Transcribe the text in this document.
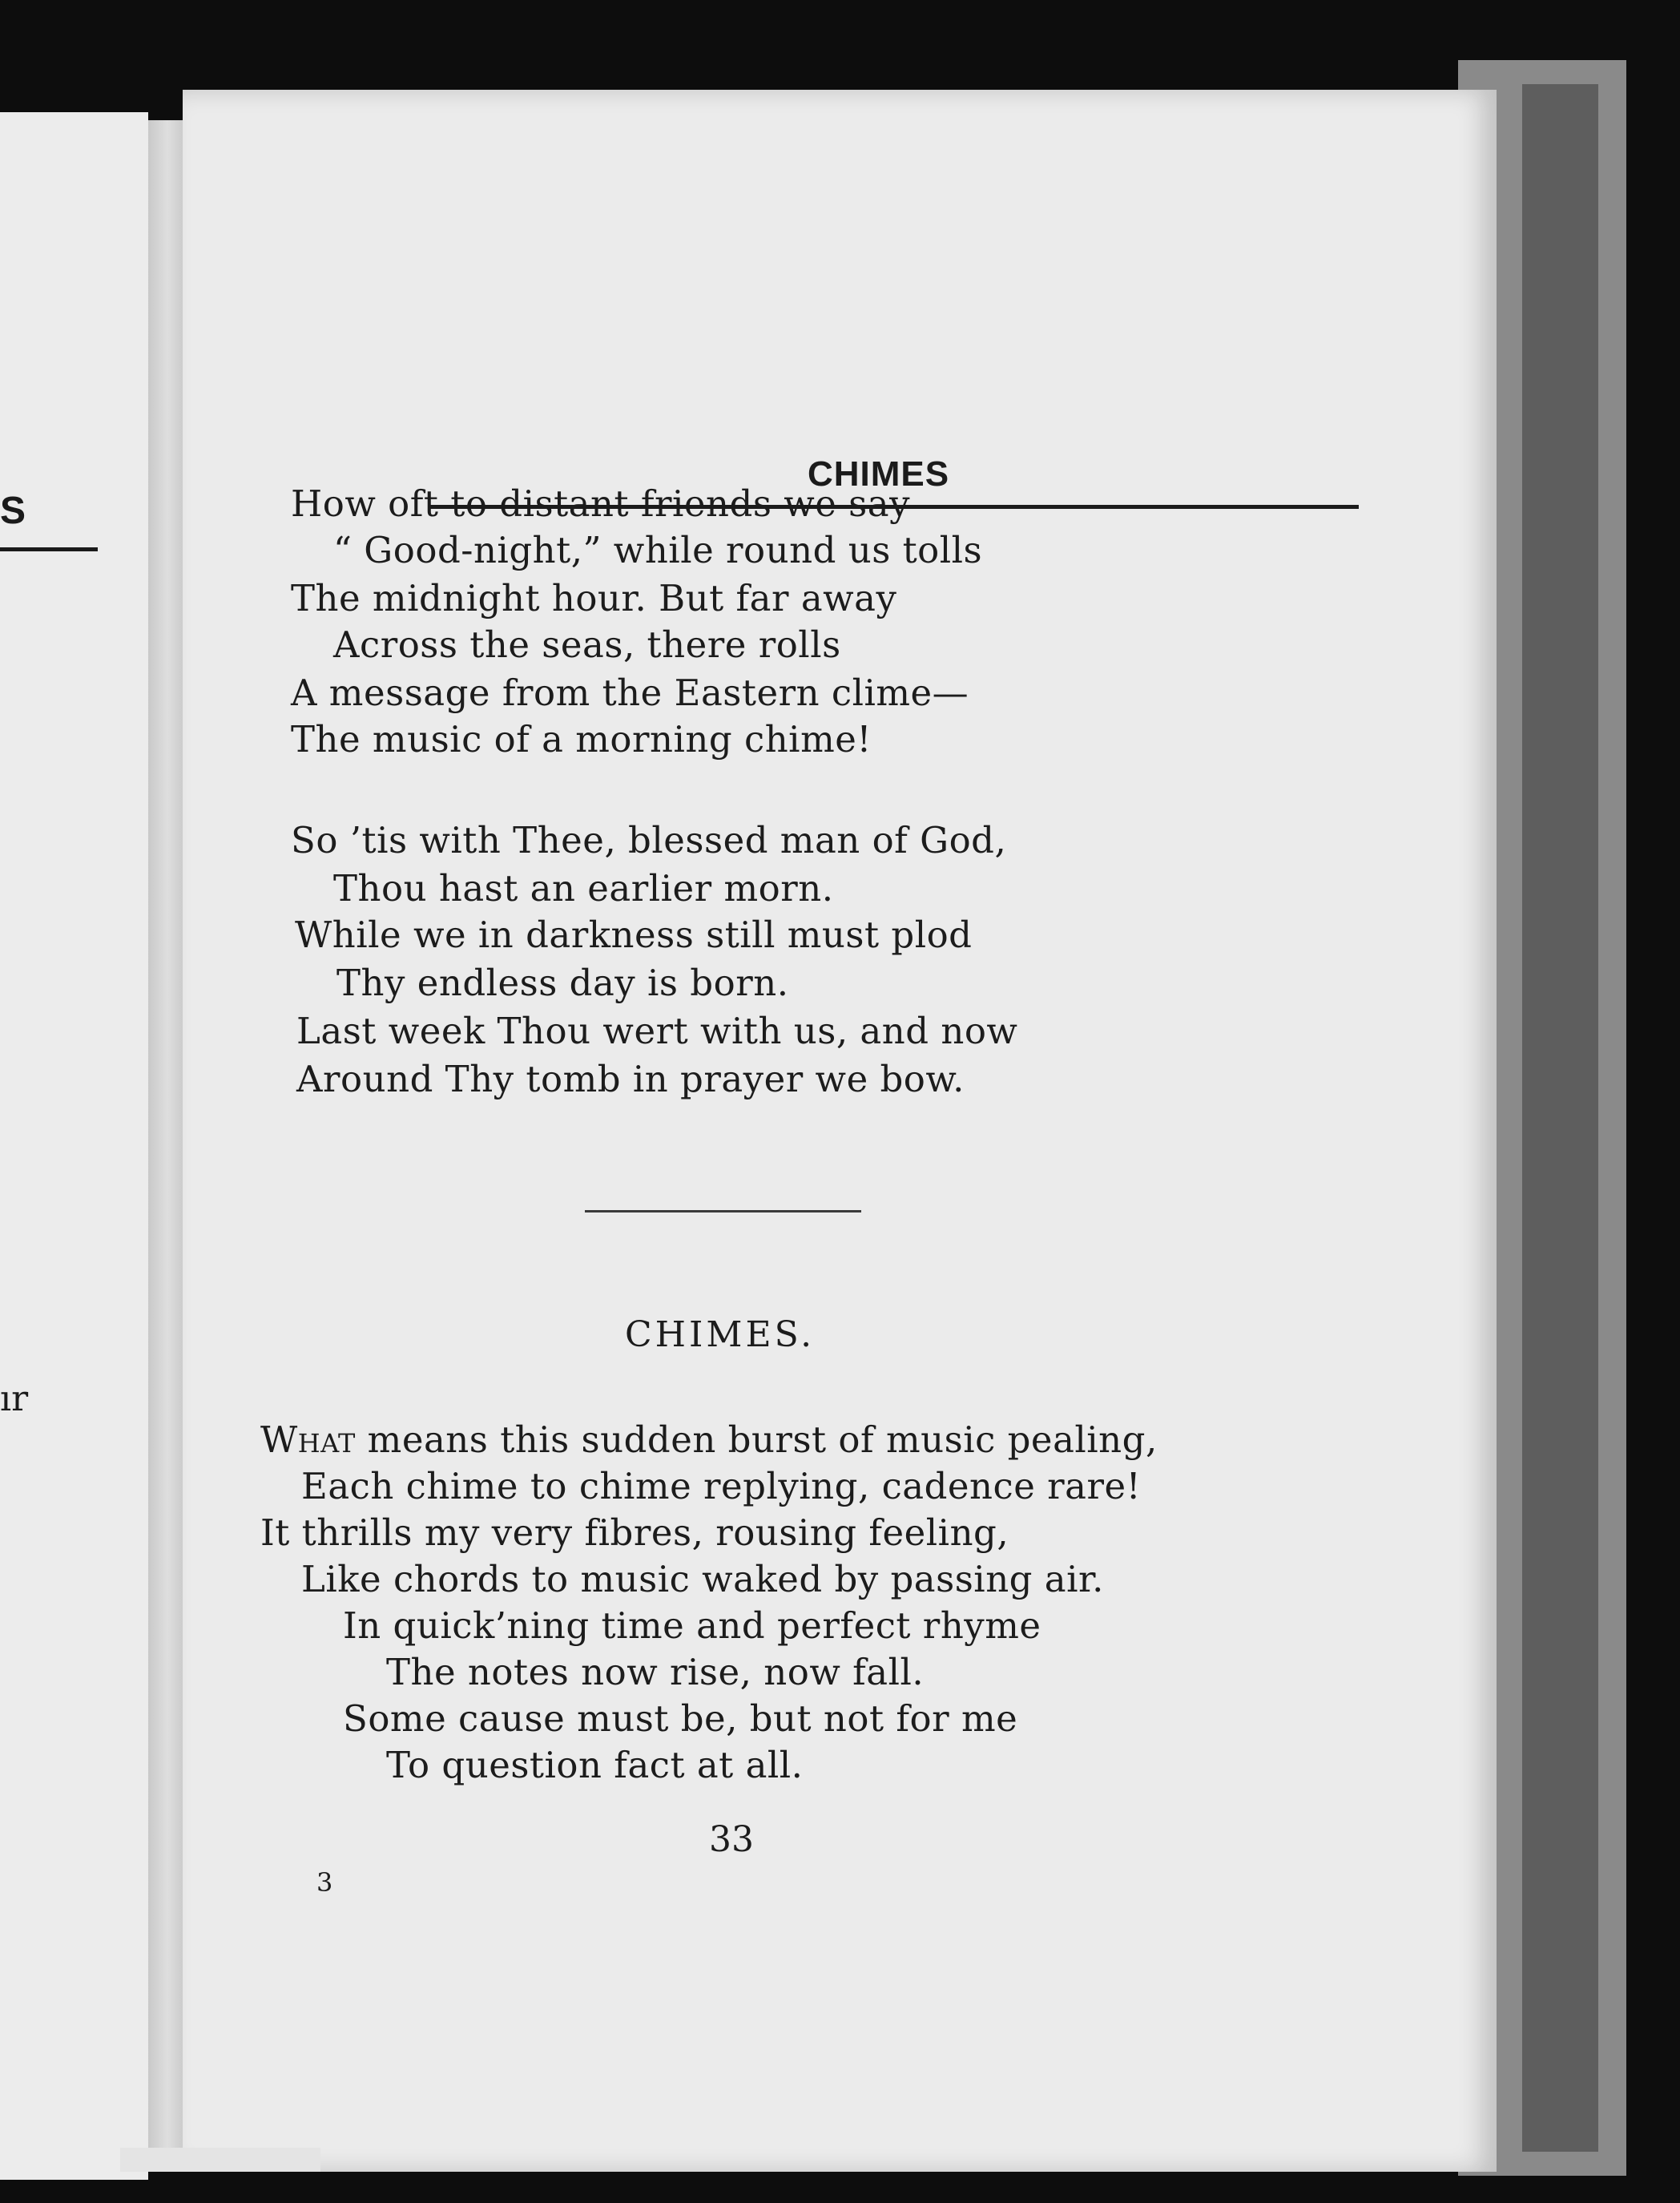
S
ır
CHIMES
How oft to distant friends we say
“ Good-night,” while round us tolls
The midnight hour. But far away
Across the seas, there rolls
A message from the Eastern clime—
The music of a morning chime!
So ’tis with Thee, blessed man of God,
Thou hast an earlier morn.
While we in darkness still must plod
Thy endless day is born.
Last week Thou wert with us, and now
Around Thy tomb in prayer we bow.
CHIMES.
What means this sudden burst of music pealing,
Each chime to chime replying, cadence rare!
It thrills my very fibres, rousing feeling,
Like chords to music waked by passing air.
In quick’ning time and perfect rhyme
The notes now rise, now fall.
Some cause must be, but not for me
To question fact at all.
33
3
